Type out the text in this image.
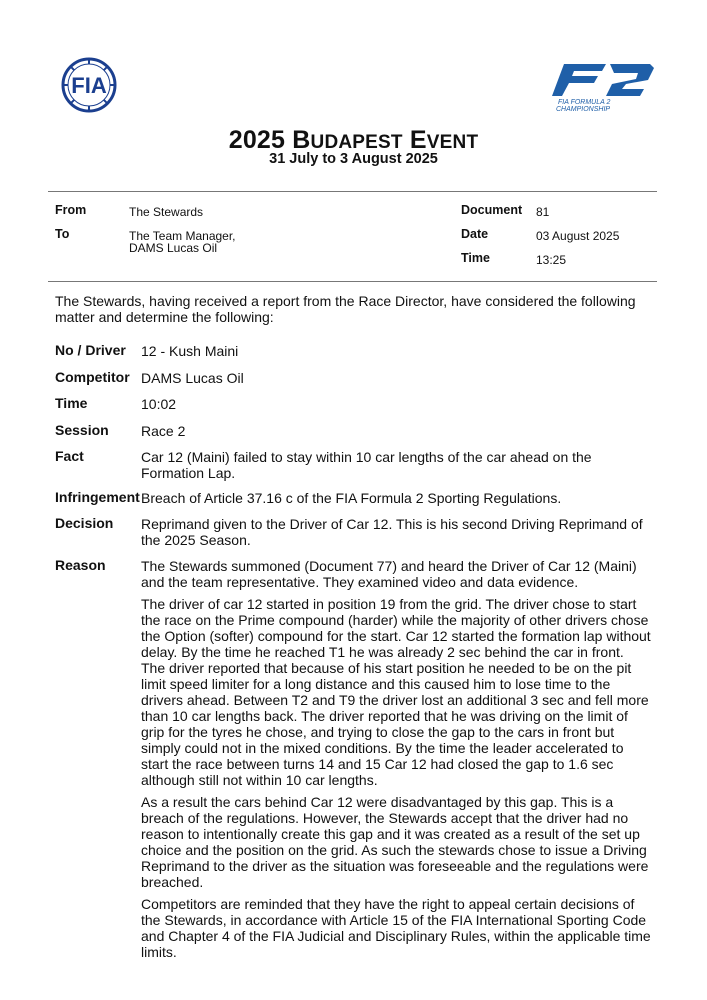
FIA
FIA FORMULA 2
CHAMPIONSHIP
2025 BUDAPEST EVENT
31 July to 3 August 2025
From	The Stewards
To	The Team Manager,
DAMS Lucas Oil
Document 81
Date	03 August 2025
Time	13:25
The Stewards, having received a report from the Race Director, have considered the following matter and determine the following:
No / Driver 12 - Kush Maini
Competitor DAMS Lucas Oil
Time	10:02
Session Race 2
Fact	Car 12 (Maini) failed to stay within 10 car lengths of the car ahead on the Formation Lap.
Infringement Breach of Article 37.16 c of the FIA Formula 2 Sporting Regulations.
Decision Reprimand given to the Driver of Car 12. This is his second Driving Reprimand of the 2025 Season.
Reason	The Stewards summoned (Document 77) and heard the Driver of Car 12 (Maini) and the team representative. They examined video and data evidence.

The driver of car 12 started in position 19 from the grid. The driver chose to start the race on the Prime compound (harder) while the majority of other drivers chose the Option (softer) compound for the start. Car 12 started the formation lap without delay. By the time he reached T1 he was already 2 sec behind the car in front. The driver reported that because of his start position he needed to be on the pit limit speed limiter for a long distance and this caused him to lose time to the drivers ahead. Between T2 and T9 the driver lost an additional 3 sec and fell more than 10 car lengths back. The driver reported that he was driving on the limit of grip for the tyres he chose, and trying to close the gap to the cars in front but simply could not in the mixed conditions. By the time the leader accelerated to start the race between turns 14 and 15 Car 12 had closed the gap to 1.6 sec although still not within 10 car lengths.

As a result the cars behind Car 12 were disadvantaged by this gap. This is a breach of the regulations. However, the Stewards accept that the driver had no reason to intentionally create this gap and it was created as a result of the set up choice and the position on the grid. As such the stewards chose to issue a Driving Reprimand to the driver as the situation was foreseeable and the regulations were breached.

Competitors are reminded that they have the right to appeal certain decisions of the Stewards, in accordance with Article 15 of the FIA International Sporting Code and Chapter 4 of the FIA Judicial and Disciplinary Rules, within the applicable time limits.
